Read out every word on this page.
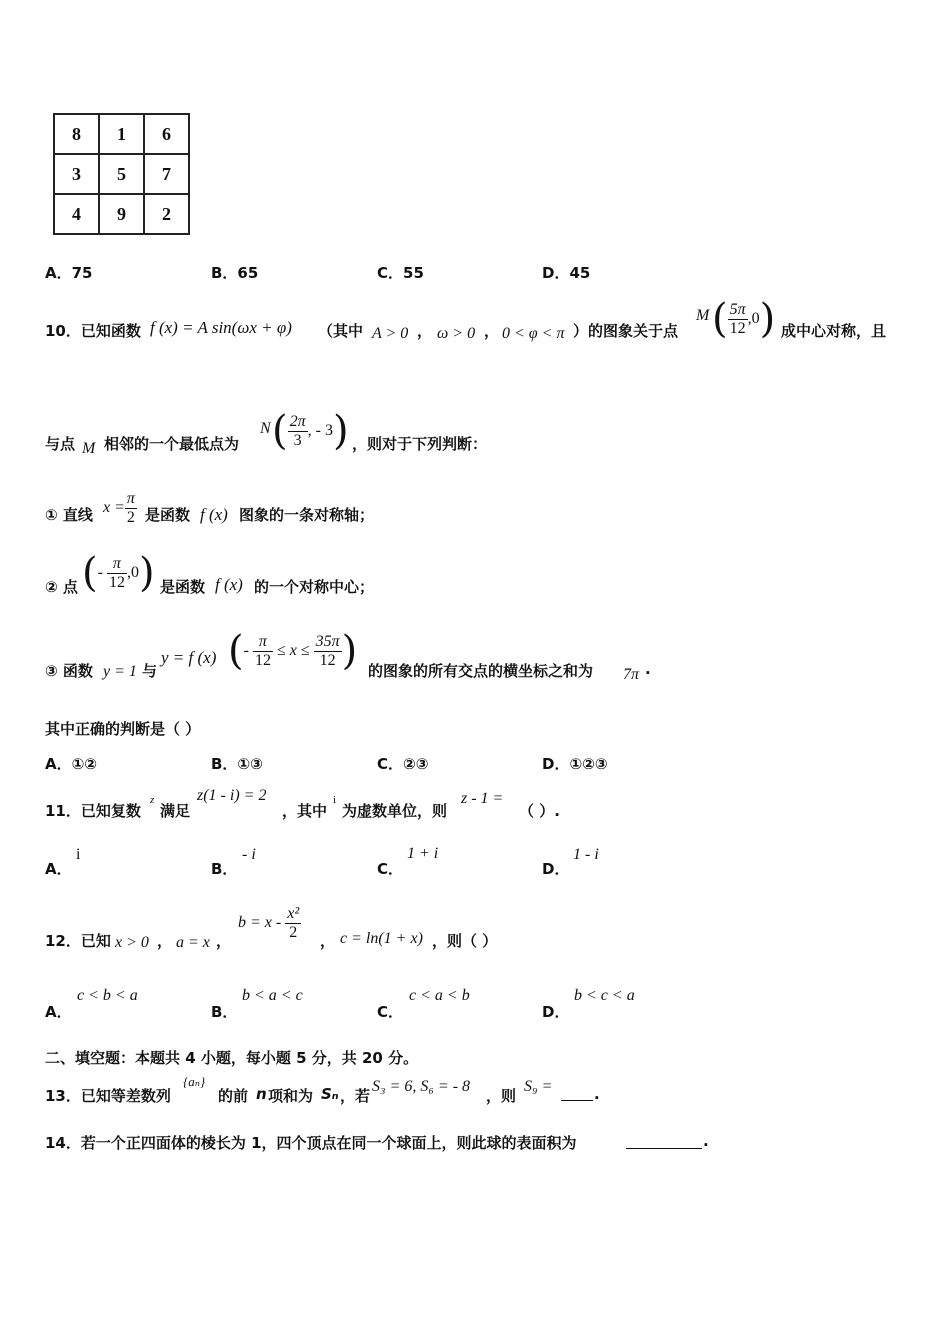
8	1	6
3	5	7
4	9	2
A．75	B．65	C．55	D．45
10．已知函数 f (x) = A sin(ωx + φ) （其中 A > 0 ， ω > 0 ， 0 < φ < π ）的图象关于点
M ( $\frac{5\pi}{12} ,0$) 成中心对称，且
与点 M 相邻的一个最低点为
N ( $\frac{2\pi}{3}$ , - 3) ，则对于下列判断：
① 直线 $x = \frac{\pi}{2}$ 是函数 f (x) 图象的一条对称轴；
② 点 (- $\frac{\pi}{12} ,0$) 是函数 f (x) 的一个对称中心；
③ 函数 y = 1 与
y = f (x) (- $\frac{\pi}{12} \le x \le \frac{35\pi}{12}$ ) 的图象的所有交点的横坐标之和为 7π .
其中正确的判断是（ ）
A．①②	B．①③	C．②③	D．①②③
11．已知复数
z
满足
z(1 - i) = 2
，其中
i
为虚数单位，则
z - 1 =
（ ）.
A．
i
B．
- i
C．
1 + i
D．
1 - i
12．已知 x > 0 ， a = x ，
$b = x - \frac{\text{x²}}{2}$ ， c = ln(1 + x) ，则（ ）
A．
c < b < a
B．
b < a < c
C．
c < a < b
D．
b < c < a
二、填空题：本题共 4 小题，每小题 5 分，共 20 分。
13．已知等差数列
{aₙ}
的前 n 项和为 Sₙ ，若
S₃ = 6, S₆ = - 8
，则
S₉ =	.
14．若一个正四面体的棱长为 1，四个顶点在同一个球面上，则此球的表面积为	.
